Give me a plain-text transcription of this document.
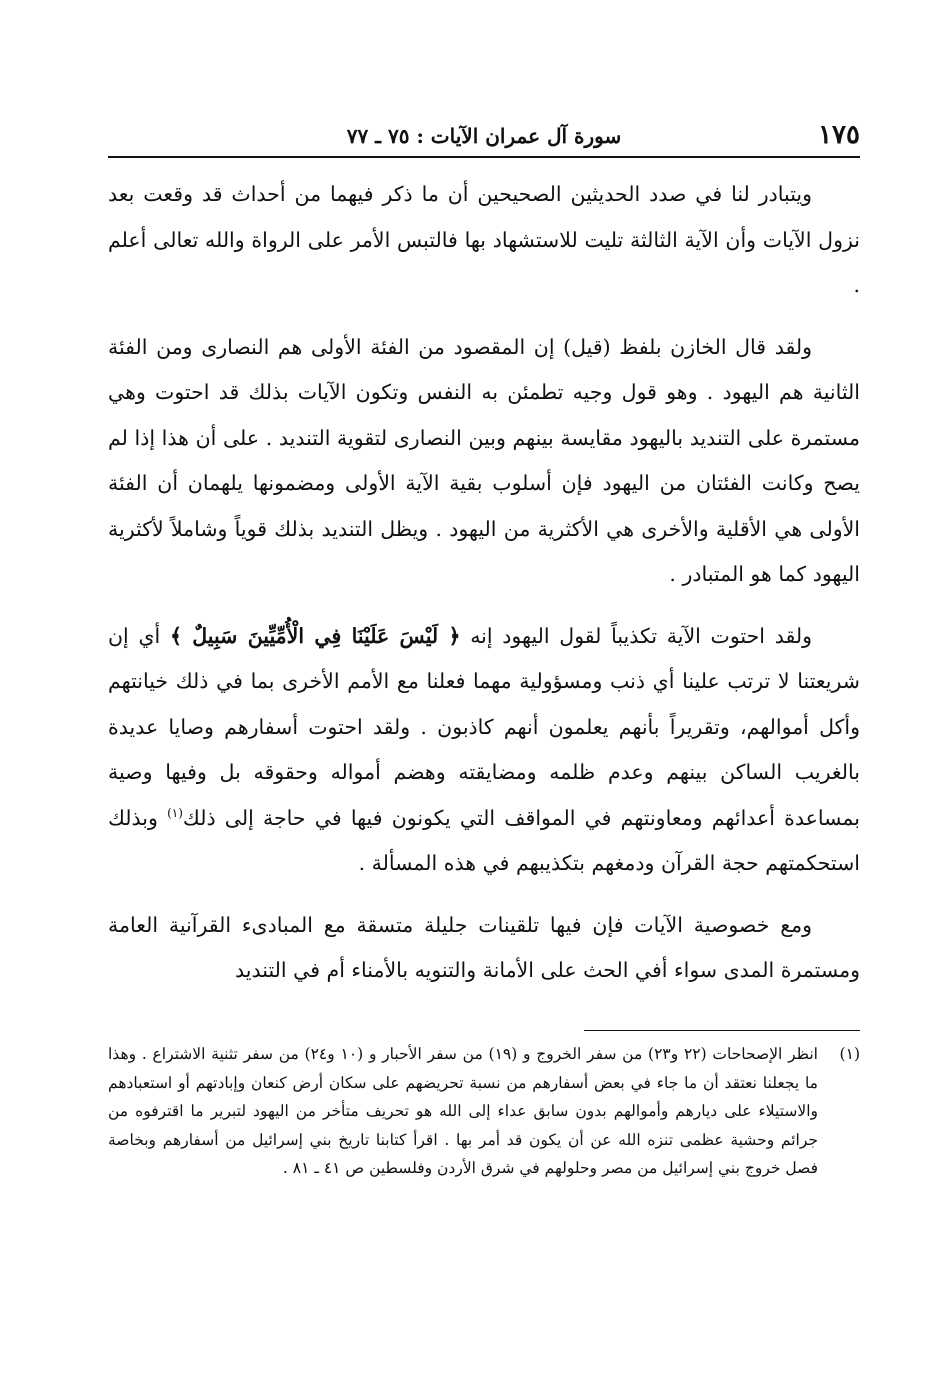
١٧٥
سورة آل عمران الآيات : ٧٥ ـ ٧٧

ويتبادر لنا في صدد الحديثين الصحيحين أن ما ذكر فيهما من أحداث قد وقعت بعد نزول الآيات وأن الآية الثالثة تليت للاستشهاد بها فالتبس الأمر على الرواة والله تعالى أعلم .

ولقد قال الخازن بلفظ (قيل) إن المقصود من الفئة الأولى هم النصارى ومن الفئة الثانية هم اليهود . وهو قول وجيه تطمئن به النفس وتكون الآيات بذلك قد احتوت وهي مستمرة على التنديد باليهود مقايسة بينهم وبين النصارى لتقوية التنديد . على أن هذا إذا لم يصح وكانت الفئتان من اليهود فإن أسلوب بقية الآية الأولى ومضمونها يلهمان أن الفئة الأولى هي الأقلية والأخرى هي الأكثرية من اليهود . ويظل التنديد بذلك قوياً وشاملاً لأكثرية اليهود كما هو المتبادر .

ولقد احتوت الآية تكذيباً لقول اليهود إنه ﴿ لَيْسَ عَلَيْنَا فِي الْأُمِّيِّينَ سَبِيلٌ ﴾ أي إن شريعتنا لا ترتب علينا أي ذنب ومسؤولية مهما فعلنا مع الأمم الأخرى بما في ذلك خيانتهم وأكل أموالهم، وتقريراً بأنهم يعلمون أنهم كاذبون . ولقد احتوت أسفارهم وصايا عديدة بالغريب الساكن بينهم وعدم ظلمه ومضايقته وهضم أمواله وحقوقه بل وفيها وصية بمساعدة أعدائهم ومعاونتهم في المواقف التي يكونون فيها في حاجة إلى ذلك$^{(١)}$ وبذلك استحكمتهم حجة القرآن ودمغهم بتكذيبهم في هذه المسألة .

ومع خصوصية الآيات فإن فيها تلقينات جليلة متسقة مع المبادىء القرآنية العامة ومستمرة المدى سواء أفي الحث على الأمانة والتنويه بالأمناء أم في التنديد

(١)
انظر الإصحاحات (٢٢ و٢٣) من سفر الخروج و (١٩) من سفر الأحبار و (١٠ و٢٤) من سفر تثنية الاشتراع . وهذا ما يجعلنا نعتقد أن ما جاء في بعض أسفارهم من نسبة تحريضهم على سكان أرض كنعان وإبادتهم أو استعبادهم والاستيلاء على ديارهم وأموالهم بدون سابق عداء إلى الله هو تحريف متأخر من اليهود لتبرير ما اقترفوه من جرائم وحشية عظمى تنزه الله عن أن يكون قد أمر بها . اقرأ كتابنا تاريخ بني إسرائيل من أسفارهم وبخاصة فصل خروج بني إسرائيل من مصر وحلولهم في شرق الأردن وفلسطين ص ٤١ ـ ٨١ .
